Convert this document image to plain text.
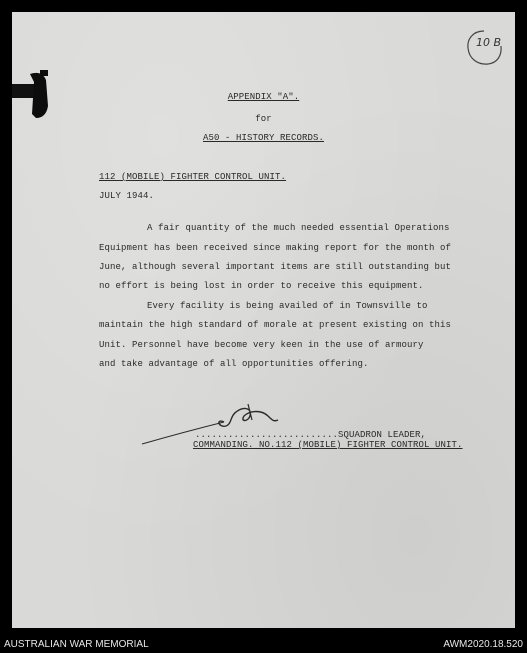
10 B
APPENDIX "A".
for
A50 - HISTORY RECORDS.
112 (MOBILE) FIGHTER CONTROL UNIT.
JULY 1944.
A fair quantity of the much needed essential Operations
Equipment has been received since making report for the month of
June, although several important items are still outstanding but
no effort is being lost in order to receive this equipment.
Every facility is being availed of in Townsville to
maintain the high standard of morale at present existing on this
Unit. Personnel have become very keen in the use of armoury
and take advantage of all opportunities offering.
..........................SQUADRON LEADER,
COMMANDING. NO.112 (MOBILE) FIGHTER CONTROL UNIT.
AUSTRALIAN WAR MEMORIAL	AWM2020.18.520
